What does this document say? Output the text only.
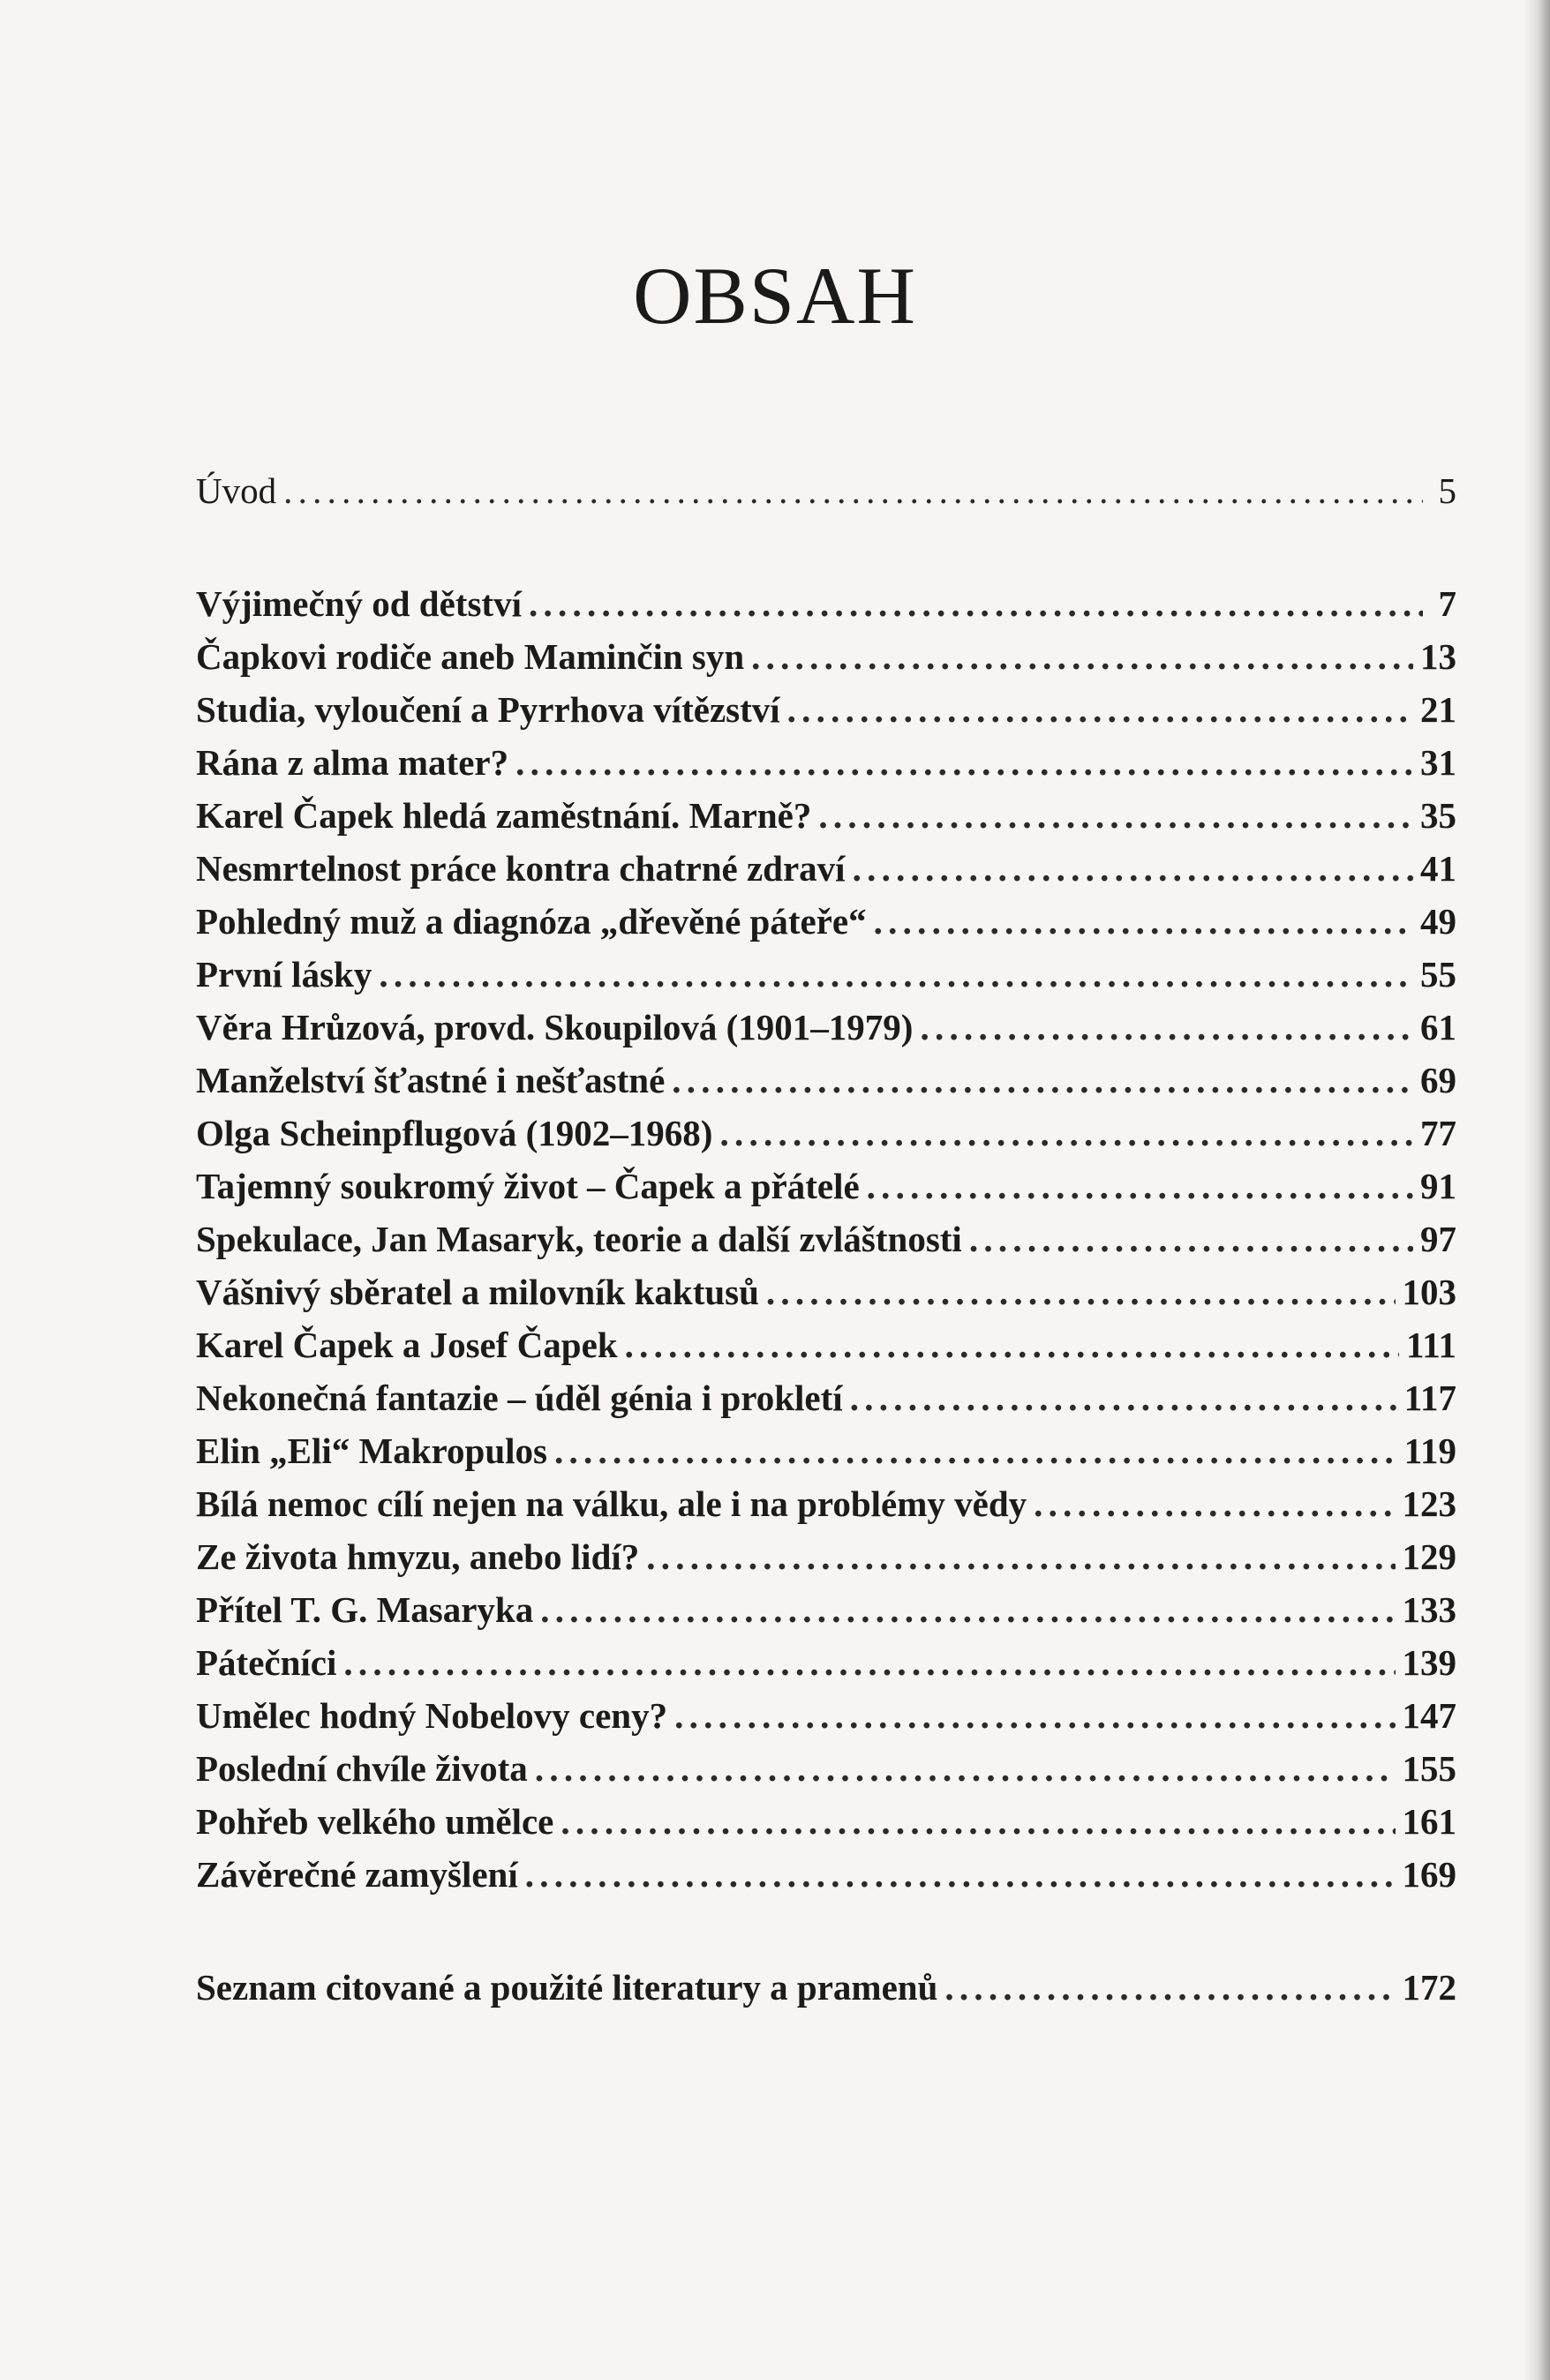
OBSAH
Úvod . . .	5
Výjimečný od dětství . . .	7
Čapkovi rodiče aneb Maminčin syn . . .	13
Studia, vyloučení a Pyrrhova vítězství . . .	21
Rána z alma mater? . . .	31
Karel Čapek hledá zaměstnání. Marně? . . .	35
Nesmrtelnost práce kontra chatrné zdraví . . .	41
Pohledný muž a diagnóza „dřevěné páteře“ . . .	49
První lásky . . .	55
Věra Hrůzová, provd. Skoupilová (1901–1979) . . .	61
Manželství šťastné i nešťastné . . .	69
Olga Scheinpflugová (1902–1968) . . .	77
Tajemný soukromý život – Čapek a přátelé . . .	91
Spekulace, Jan Masaryk, teorie a další zvláštnosti . . .	97
Vášnivý sběratel a milovník kaktusů . . .	103
Karel Čapek a Josef Čapek . . .	111
Nekonečná fantazie – úděl génia i prokletí . . .	117
Elin „Eli“ Makropulos . . .	119
Bílá nemoc cílí nejen na válku, ale i na problémy vědy . . .	123
Ze života hmyzu, anebo lidí? . . .	129
Přítel T. G. Masaryka . . .	133
Pátečníci . . .	139
Umělec hodný Nobelovy ceny? . . .	147
Poslední chvíle života . . .	155
Pohřeb velkého umělce . . .	161
Závěrečné zamyšlení . . .	169
Seznam citované a použité literatury a pramenů . . .	172
